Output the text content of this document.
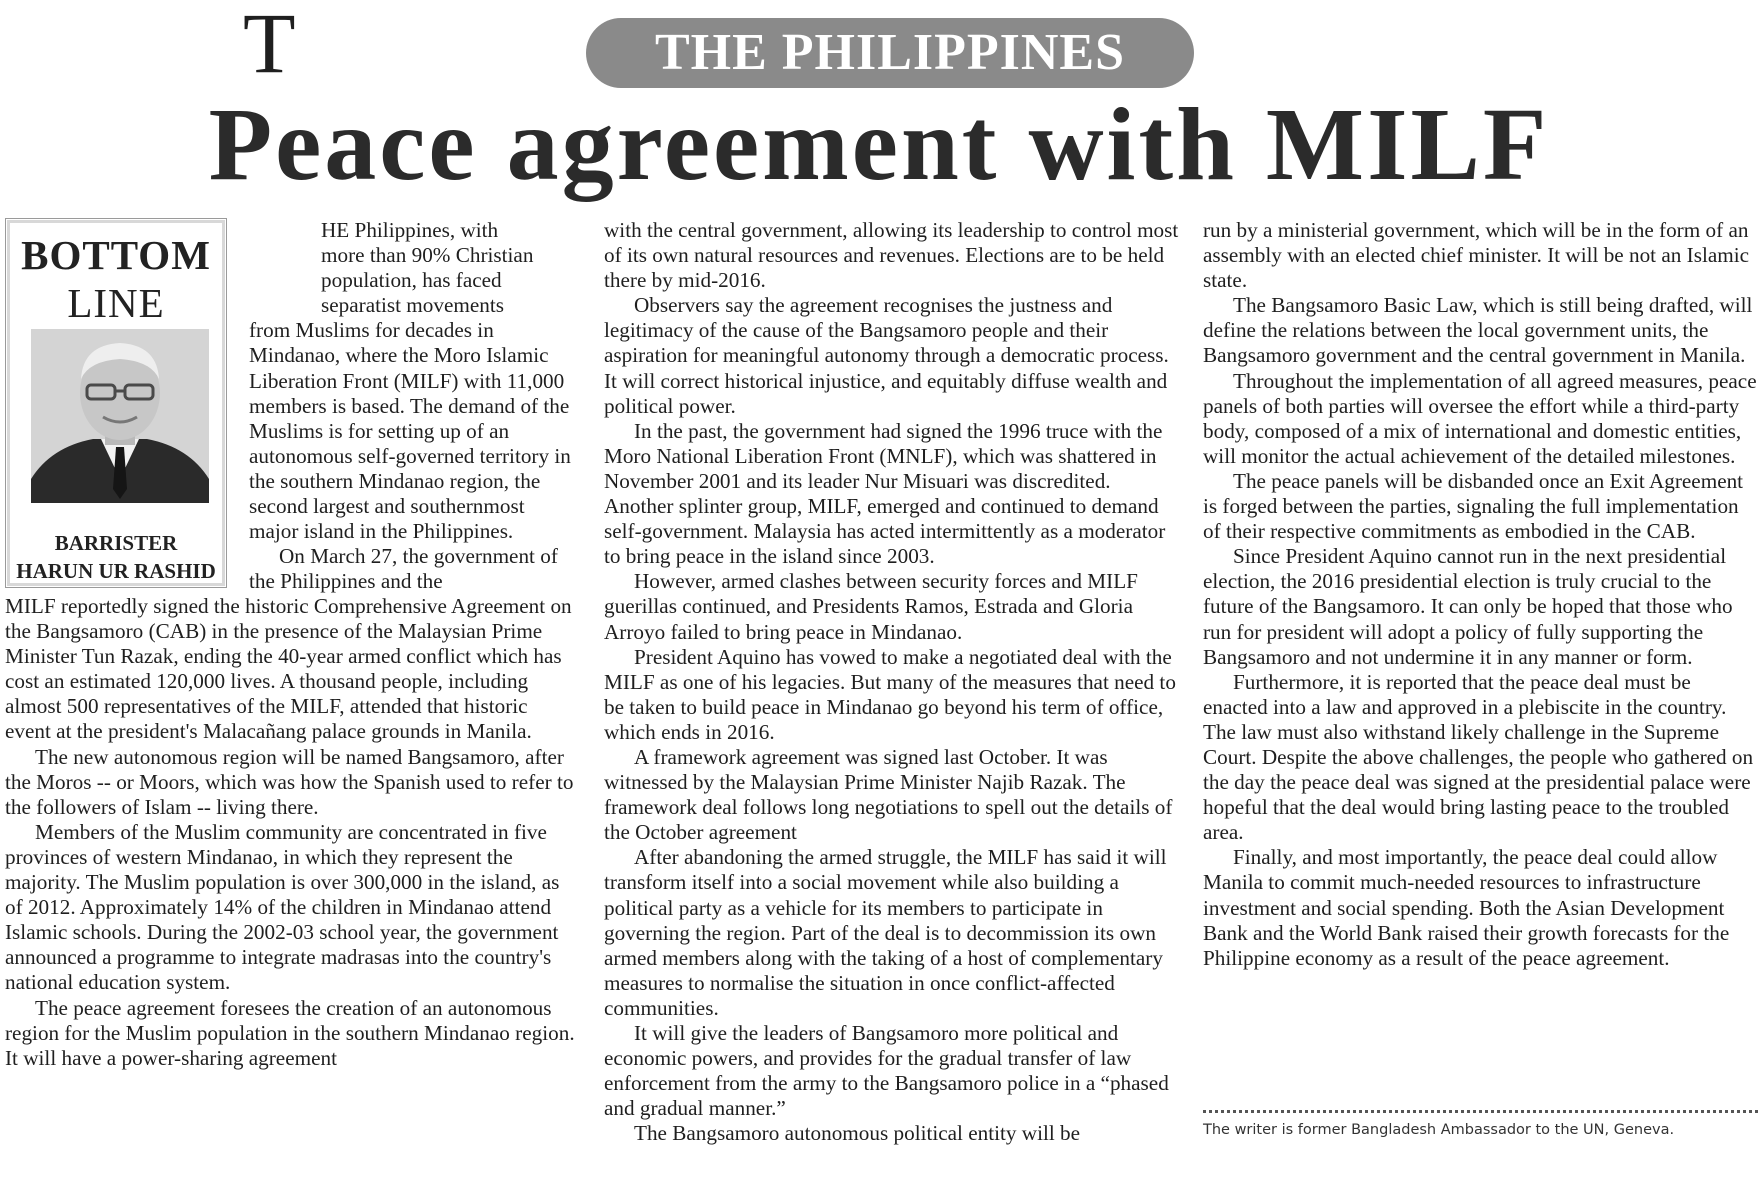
THE PHILIPPINES
Peace agreement with MILF
BOTTOM
LINE
BARRISTER
HARUN UR RASHID
T
HE Philippines, with
more than 90% Christian
population, has faced
separatist movements

from Muslims for decades in Mindanao, where the Moro Islamic Liberation Front (MILF) with 11,000 members is based. The demand of the Muslims is for setting up of an autonomous self-governed territory in the southern Mindanao region, the second largest and southernmost major island in the Philippines.

On March 27, the government of the Philippines and the

MILF reportedly signed the historic Comprehensive Agreement on the Bangsamoro (CAB) in the presence of the Malaysian Prime Minister Tun Razak, ending the 40-year armed conflict which has cost an estimated 120,000 lives. A thousand people, including almost 500 representatives of the MILF, attended that historic event at the president's Malacañang palace grounds in Manila.

The new autonomous region will be named Bangsamoro, after the Moros -- or Moors, which was how the Spanish used to refer to the followers of Islam -- living there.

Members of the Muslim community are concentrated in five provinces of western Mindanao, in which they represent the majority. The Muslim population is over 300,000 in the island, as of 2012. Approximately 14% of the children in Mindanao attend Islamic schools. During the 2002-03 school year, the government announced a programme to integrate madrasas into the country's national education system.

The peace agreement foresees the creation of an autonomous region for the Muslim population in the southern Mindanao region. It will have a power-sharing agreement

with the central government, allowing its leadership to control most of its own natural resources and revenues. Elections are to be held there by mid-2016.

Observers say the agreement recognises the justness and legitimacy of the cause of the Bangsamoro people and their aspiration for meaningful autonomy through a democratic process. It will correct historical injustice, and equitably diffuse wealth and political power.

In the past, the government had signed the 1996 truce with the Moro National Liberation Front (MNLF), which was shattered in November 2001 and its leader Nur Misuari was discredited. Another splinter group, MILF, emerged and continued to demand self-government. Malaysia has acted intermittently as a moderator to bring peace in the island since 2003.

However, armed clashes between security forces and MILF guerillas continued, and Presidents Ramos, Estrada and Gloria Arroyo failed to bring peace in Mindanao.

President Aquino has vowed to make a negotiated deal with the MILF as one of his legacies. But many of the measures that need to be taken to build peace in Mindanao go beyond his term of office, which ends in 2016.

A framework agreement was signed last October. It was witnessed by the Malaysian Prime Minister Najib Razak. The framework deal follows long negotiations to spell out the details of the October agreement

After abandoning the armed struggle, the MILF has said it will transform itself into a social movement while also building a political party as a vehicle for its members to participate in governing the region. Part of the deal is to decommission its own armed members along with the taking of a host of complementary measures to normalise the situation in once conflict-affected communities.

It will give the leaders of Bangsamoro more political and economic powers, and provides for the gradual transfer of law enforcement from the army to the Bangsamoro police in a “phased and gradual manner.”

The Bangsamoro autonomous political entity will be

run by a ministerial government, which will be in the form of an assembly with an elected chief minister. It will be not an Islamic state.

The Bangsamoro Basic Law, which is still being drafted, will define the relations between the local government units, the Bangsamoro government and the central government in Manila.

Throughout the implementation of all agreed measures, peace panels of both parties will oversee the effort while a third-party body, composed of a mix of international and domestic entities, will monitor the actual achievement of the detailed milestones.

The peace panels will be disbanded once an Exit Agreement is forged between the parties, signaling the full implementation of their respective commitments as embodied in the CAB.

Since President Aquino cannot run in the next presidential election, the 2016 presidential election is truly crucial to the future of the Bangsamoro. It can only be hoped that those who run for president will adopt a policy of fully supporting the Bangsamoro and not undermine it in any manner or form.

Furthermore, it is reported that the peace deal must be enacted into a law and approved in a plebiscite in the country. The law must also withstand likely challenge in the Supreme Court. Despite the above challenges, the people who gathered on the day the peace deal was signed at the presidential palace were hopeful that the deal would bring lasting peace to the troubled area.

Finally, and most importantly, the peace deal could allow Manila to commit much-needed resources to infrastructure investment and social spending. Both the Asian Development Bank and the World Bank raised their growth forecasts for the Philippine economy as a result of the peace agreement.

The writer is former Bangladesh Ambassador to the UN, Geneva.
